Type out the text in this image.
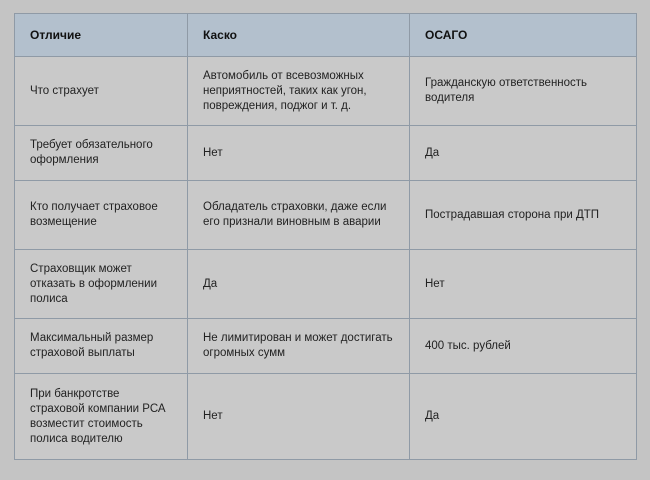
Отличие	Каско	ОСАГО
Что страхует	Автомобиль от всевозможных неприятностей, таких как угон, повреждения, поджог и т. д.	Гражданскую ответственность водителя
Требует обязательного оформления	Нет	Да
Кто получает страховое возмещение	Обладатель страховки, даже если его признали виновным в аварии	Пострадавшая сторона при ДТП
Страховщик может отказать в оформлении полиса	Да	Нет
Максимальный размер страховой выплаты	Не лимитирован и может достигать огромных сумм	400 тыс. рублей
При банкротстве страховой компании РСА возместит стоимость полиса водителю	Нет	Да
